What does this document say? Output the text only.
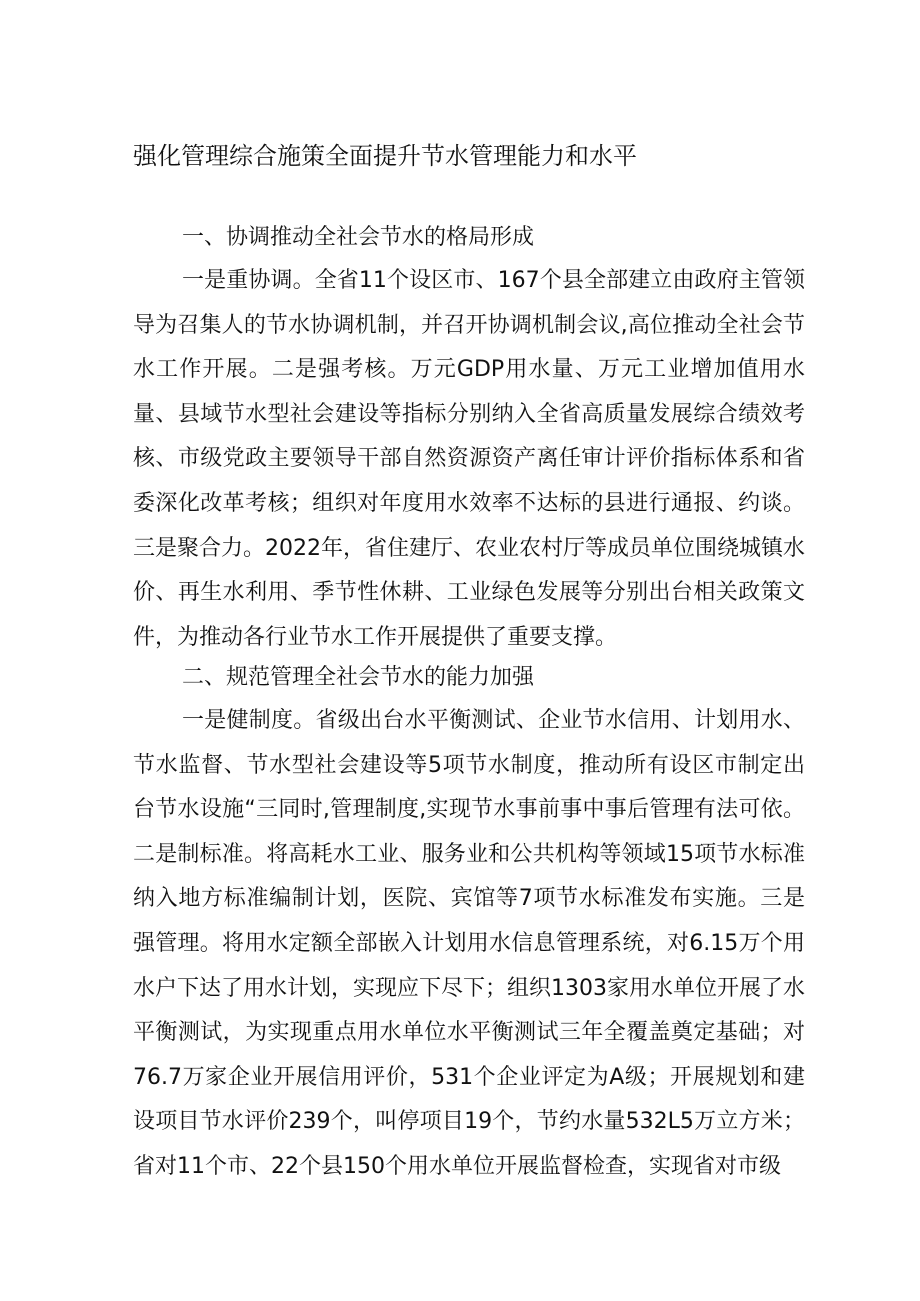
强化管理综合施策全面提升节水管理能力和水平
一、协调推动全社会节水的格局形成
一是重协调。全省11个设区市、167个县全部建立由政府主管领导为召集人的节水协调机制，并召开协调机制会议,高位推动全社会节水工作开展。二是强考核。万元GDP用水量、万元工业增加值用水量、县域节水型社会建设等指标分别纳入全省高质量发展综合绩效考核、市级党政主要领导干部自然资源资产离任审计评价指标体系和省委深化改革考核；组织对年度用水效率不达标的县进行通报、约谈。三是聚合力。2022年，省住建厅、农业农村厅等成员单位围绕城镇水价、再生水利用、季节性休耕、工业绿色发展等分别出台相关政策文件，为推动各行业节水工作开展提供了重要支撑。
二、规范管理全社会节水的能力加强
一是健制度。省级出台水平衡测试、企业节水信用、计划用水、节水监督、节水型社会建设等5项节水制度，推动所有设区市制定出台节水设施“三同时,管理制度,实现节水事前事中事后管理有法可依。二是制标准。将高耗水工业、服务业和公共机构等领域15项节水标准纳入地方标准编制计划，医院、宾馆等7项节水标准发布实施。三是强管理。将用水定额全部嵌入计划用水信息管理系统，对6.15万个用水户下达了用水计划，实现应下尽下；组织1303家用水单位开展了水平衡测试，为实现重点用水单位水平衡测试三年全覆盖奠定基础；对76.7万家企业开展信用评价，531个企业评定为A级；开展规划和建设项目节水评价239个，叫停项目19个，节约水量532L5万立方米；省对11个市、22个县150个用水单位开展监督检查，实现省对市级
